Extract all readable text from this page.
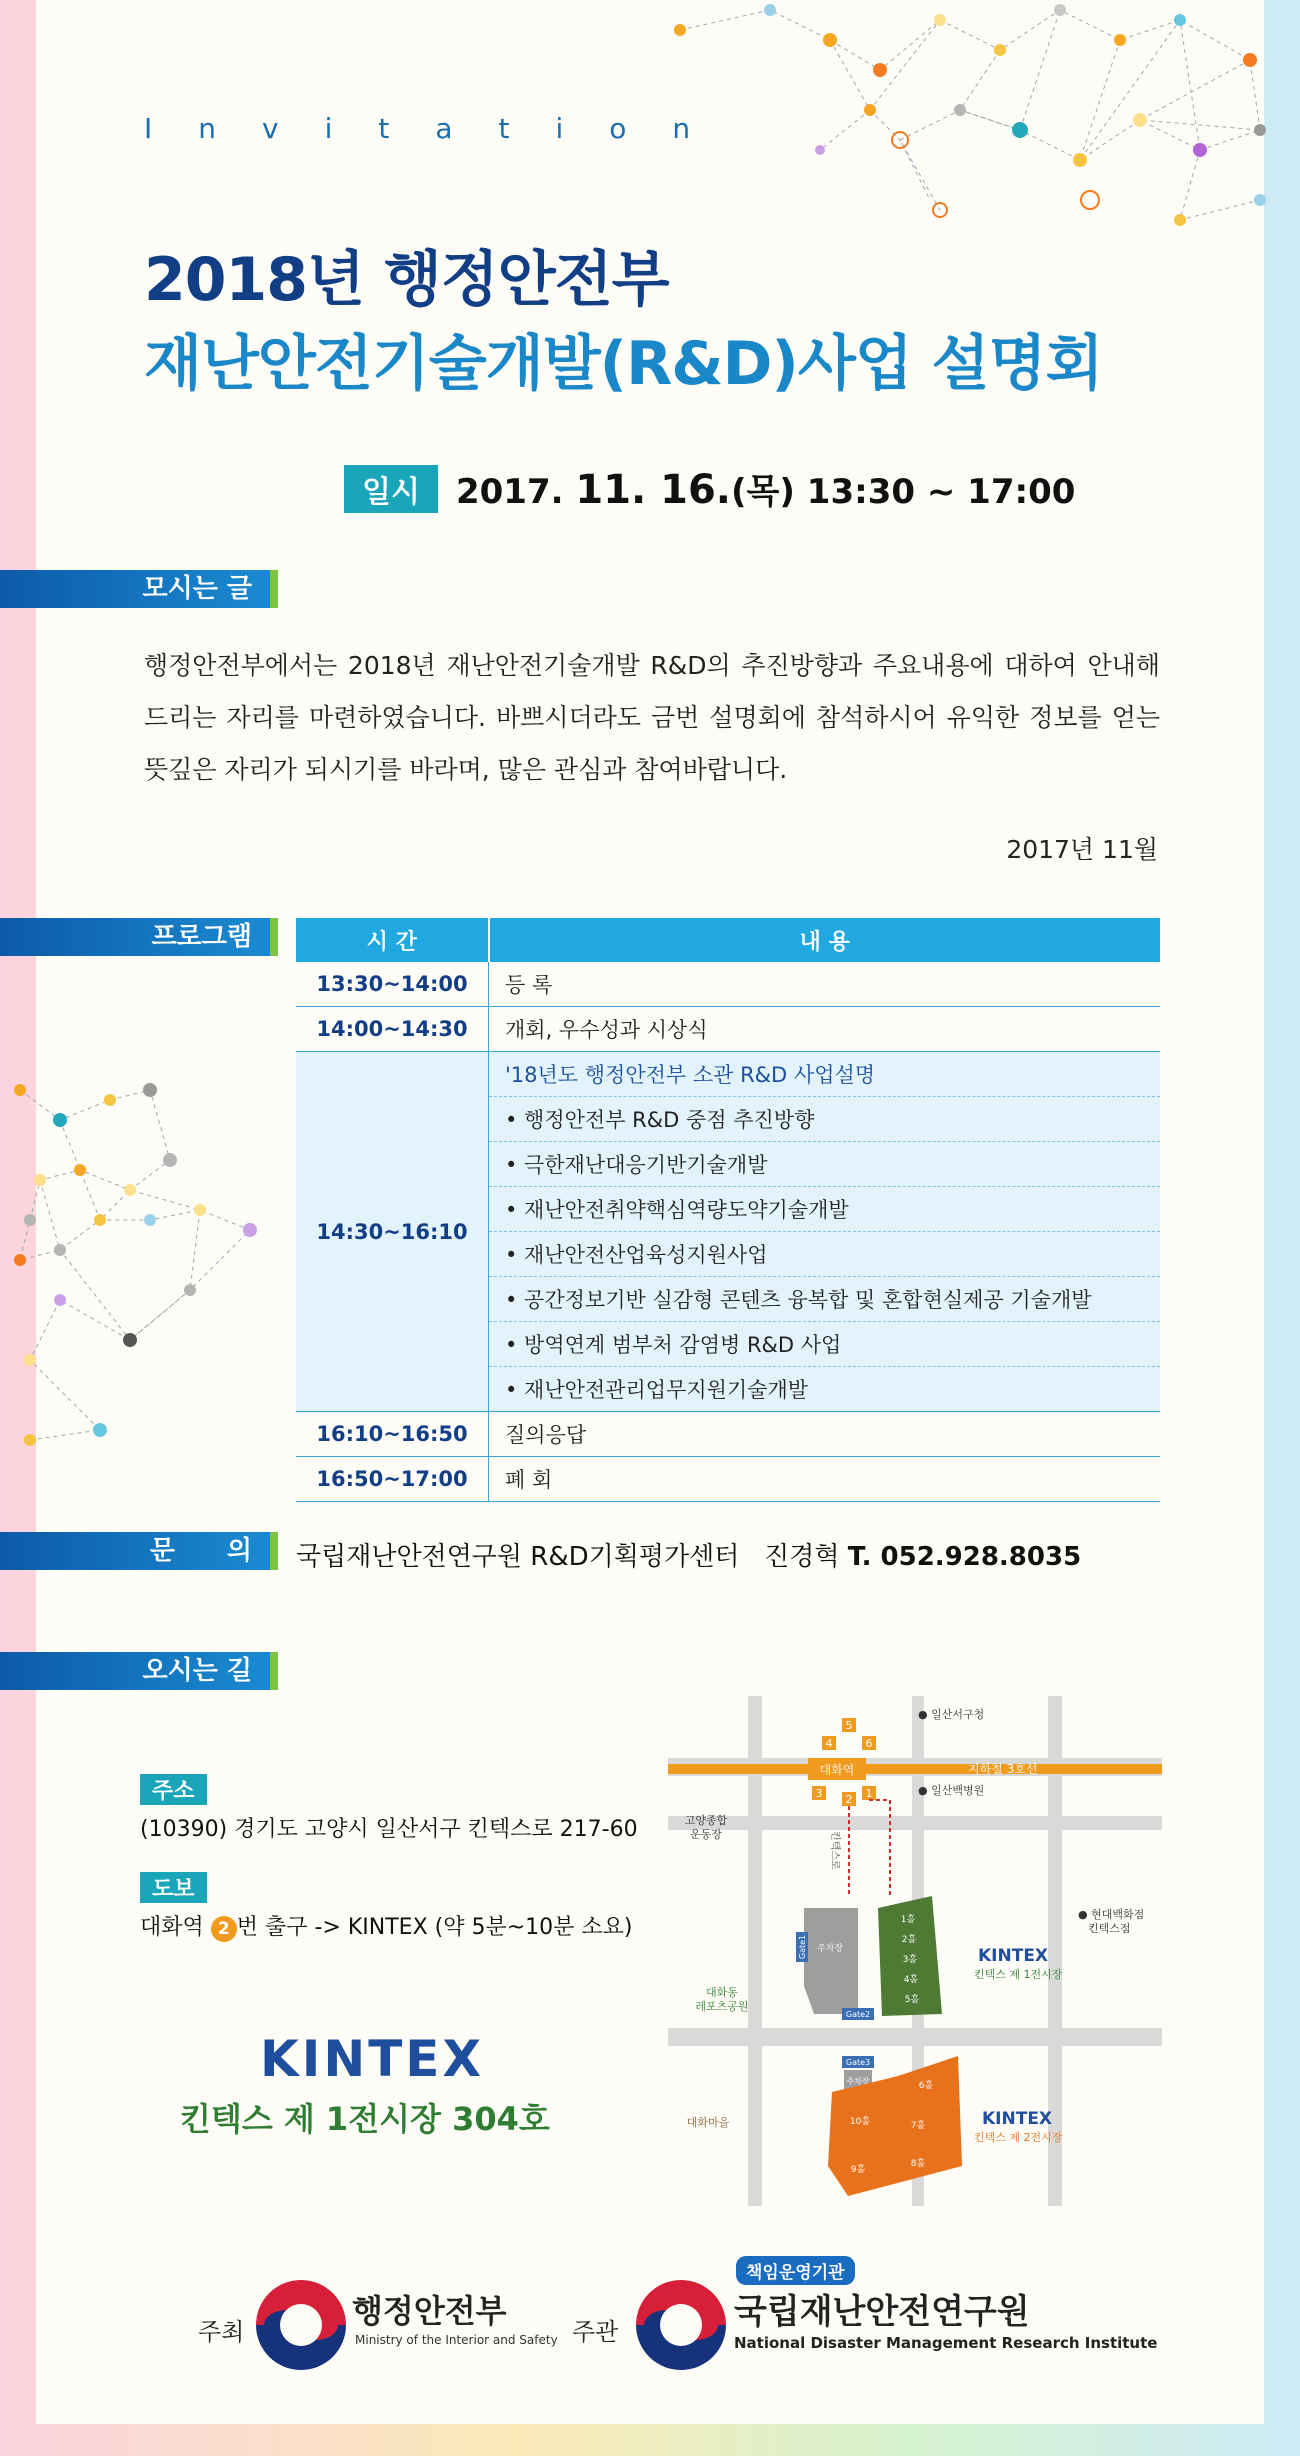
Invitation
2018년 행정안전부
재난안전기술개발(R&D)사업 설명회
일시	2017. 11. 16.(목) 13:30 ~ 17:00
모시는 글
행정안전부에서는 2018년 재난안전기술개발 R&D의 추진방향과 주요내용에 대하여 안내해 드리는 자리를 마련하였습니다. 바쁘시더라도 금번 설명회에 참석하시어 유익한 정보를 얻는 뜻깊은 자리가 되시기를 바라며, 많은 관심과 참여바랍니다.
2017년 11월
프로그램	시 간	내 용
13:30~14:00	등 록
14:00~14:30	개회, 우수성과 시상식
14:30~16:10	'18년도 행정안전부 소관 R&D 사업설명
	• 행정안전부 R&D 중점 추진방향
	• 극한재난대응기반기술개발
	• 재난안전취약핵심역량도약기술개발
	• 재난안전산업육성지원사업
	• 공간정보기반 실감형 콘텐츠 융복합 및 혼합현실제공 기술개발
	• 방역연계 범부처 감염병 R&D 사업
	• 재난안전관리업무지원기술개발
16:10~16:50	질의응답
16:50~17:00	폐 회
문　　의	국립재난안전연구원 R&D기획평가센터 진경혁 T. 052.928.8035
오시는 길
주소
(10390) 경기도 고양시 일산서구 킨텍스로 217-60
도보
대화역 2 번 출구 -> KINTEX (약 5분~10분 소요)
KINTEX
킨텍스 제 1전시장 304호
대화역	지하철 3호선
5
4	6
3 2 1
● 일산서구청
● 일산백병원
고양종합
운동장
● 현대백화점
킨텍스점
킨텍스로
대화동
레포츠공원
대화마을
주차장
1홀
2홀
3홀
4홀
5홀
KINTEX
킨텍스 제 1전시장
Gate1
Gate2
Gate3
주차장	6홀
7홀
8홀
9홀
10홀	KINTEX
킨텍스 제 2전시장
주최
행정안전부
Ministry of the Interior and Safety 주관
책임운영기관
국립재난안전연구원
National Disaster Management Research Institute
